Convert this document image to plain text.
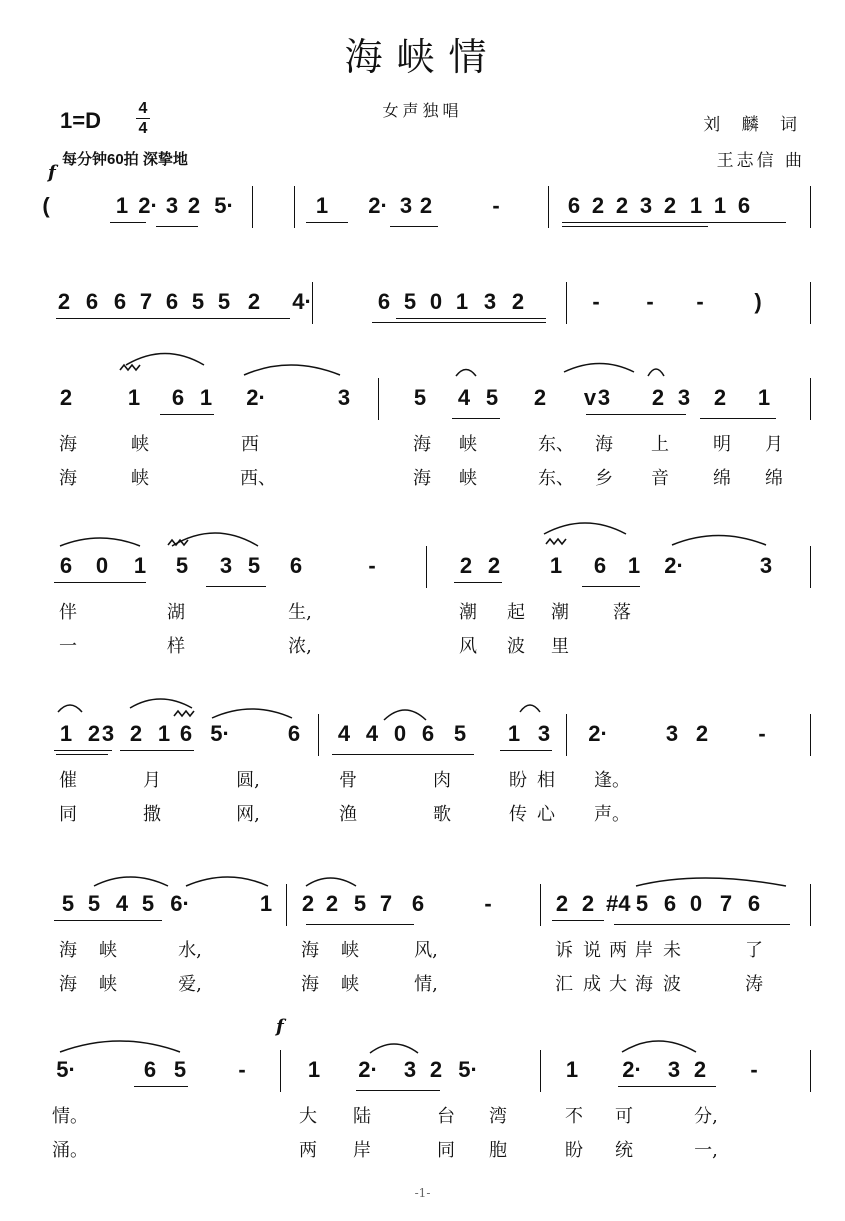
海峡情
女声独唱
1=D 4
4
每分钟60拍 深挚地
刘 麟 词
王志信 曲
f
f
(	1 2· 3 2 5·	1 2· 3 2	-	6 2 2 3 2 1 1 6
2 6 6 7 6 5 5 2 4·	6 5 0 1 3 2	- - - )
2	1 6 1 2·	3	5 4 5 2 v 3 2 3 2 1
海	峡	西	海 峡	东、 海 上 明 月
海	峡	西、	海 峡	东、 乡 音 绵 绵
6 0 1 5 3 5 6	-	2 2 1 6 1 2·	3
伴	湖	生,	潮 起 潮 落
一	样	浓,	风 波 里
1 2 3 2 1 6 5·	6 4 4 0 6 5 1 3 2·	3 2 -
催	月	圆,	骨	肉	盼 相 逢。
同	撒	网,	渔	歌	传 心 声。
5 5 4 5 6·	1 2 2 5 7 6	-	2 2 #4 5 6 0 7 6
海 峡	水,	海 峡	风,	诉 说 两 岸 未	了
海 峡	爱,	海 峡	情,	汇 成 大 海 波	涛
5·	6 5 -	1 2· 3 2 5·	1 2· 3 2 -
情。	大 陆	台 湾	不 可	分,
涌。	两 岸	同 胞	盼 统	一,
-1-
